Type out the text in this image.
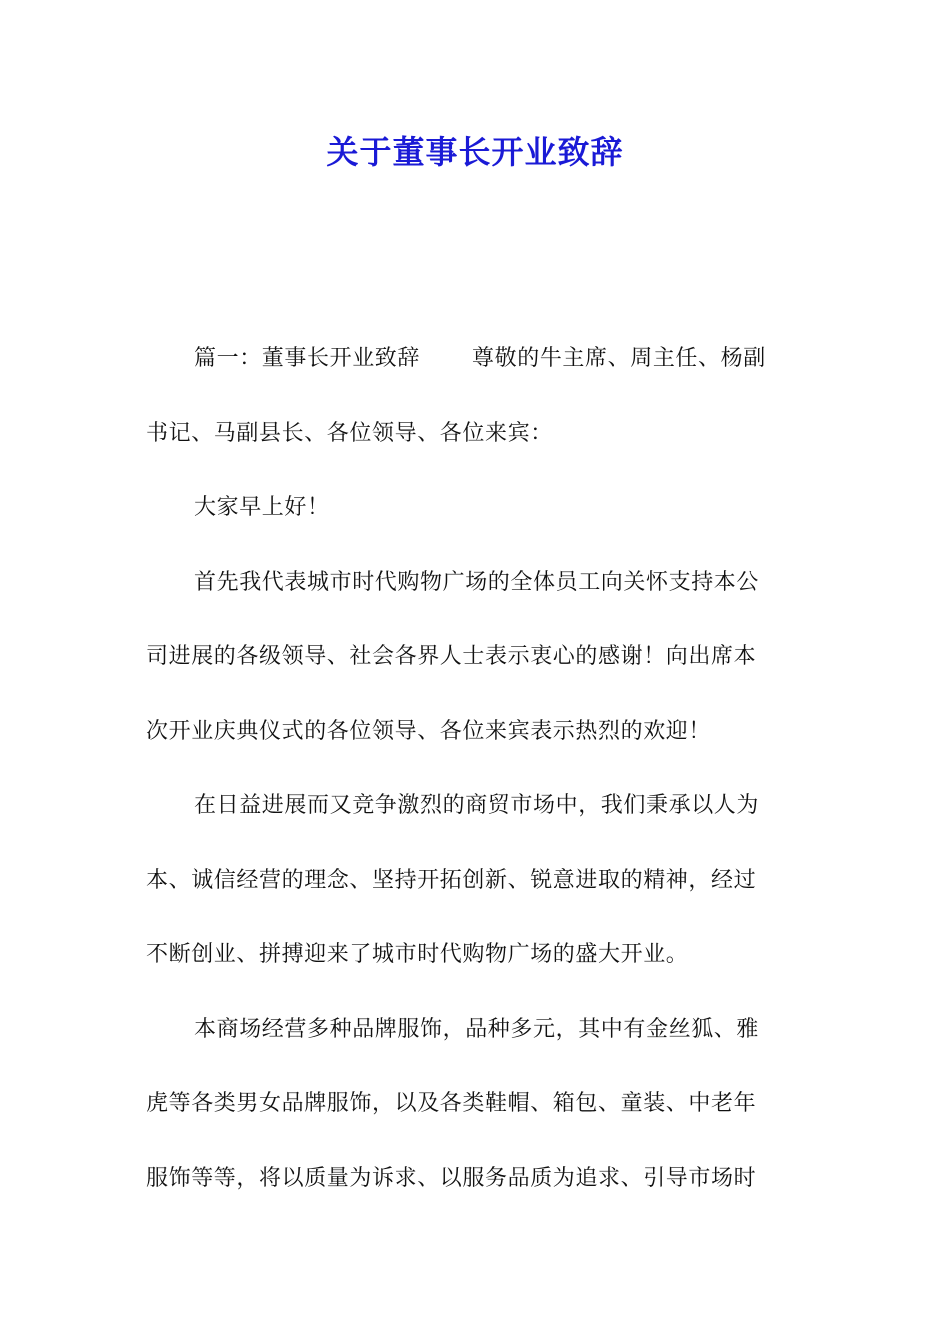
关于董事长开业致辞
篇一：董事长开业致辞 尊敬的牛主席、周主任、杨副
书记、马副县长、各位领导、各位来宾：
大家早上好！
首先我代表城市时代购物广场的全体员工向关怀支持本公
司进展的各级领导、社会各界人士表示衷心的感谢！向出席本
次开业庆典仪式的各位领导、各位来宾表示热烈的欢迎！
在日益进展而又竞争激烈的商贸市场中，我们秉承以人为
本、诚信经营的理念、坚持开拓创新、锐意进取的精神，经过
不断创业、拼搏迎来了城市时代购物广场的盛大开业。
本商场经营多种品牌服饰，品种多元，其中有金丝狐、雅
虎等各类男女品牌服饰，以及各类鞋帽、箱包、童装、中老年
服饰等等，将以质量为诉求、以服务品质为追求、引导市场时
